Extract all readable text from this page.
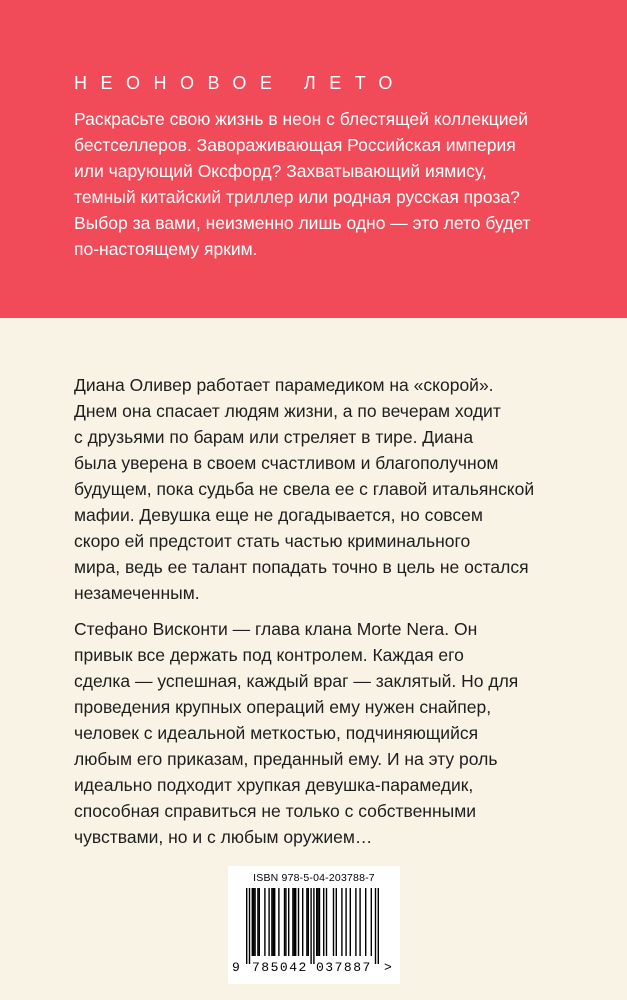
НЕОНОВОЕ ЛЕТО

Раскрасьте свою жизнь в неон с блестящей коллекцией
бестселлеров. Завораживающая Российская империя
или чарующий Оксфорд? Захватывающий иямису,
темный китайский триллер или родная русская проза?
Выбор за вами, неизменно лишь одно — это лето будет
по-настоящему ярким.

Диана Оливер работает парамедиком на «скорой».
Днем она спасает людям жизни, а по вечерам ходит
с друзьями по барам или стреляет в тире. Диана
была уверена в своем счастливом и благополучном
будущем, пока судьба не свела ее с главой итальянской
мафии. Девушка еще не догадывается, но совсем
скоро ей предстоит стать частью криминального
мира, ведь ее талант попадать точно в цель не остался
незамеченным.

Стефано Висконти — глава клана Morte Nera. Он
привык все держать под контролем. Каждая его
сделка — успешная, каждый враг — заклятый. Но для
проведения крупных операций ему нужен снайпер,
человек с идеальной меткостью, подчиняющийся
любым его приказам, преданный ему. И на эту роль
идеально подходит хрупкая девушка-парамедик,
способная справиться не только с собственными
чувствами, но и с любым оружием…

ISBN 978-5-04-203788-7
9 785042 037887 >
